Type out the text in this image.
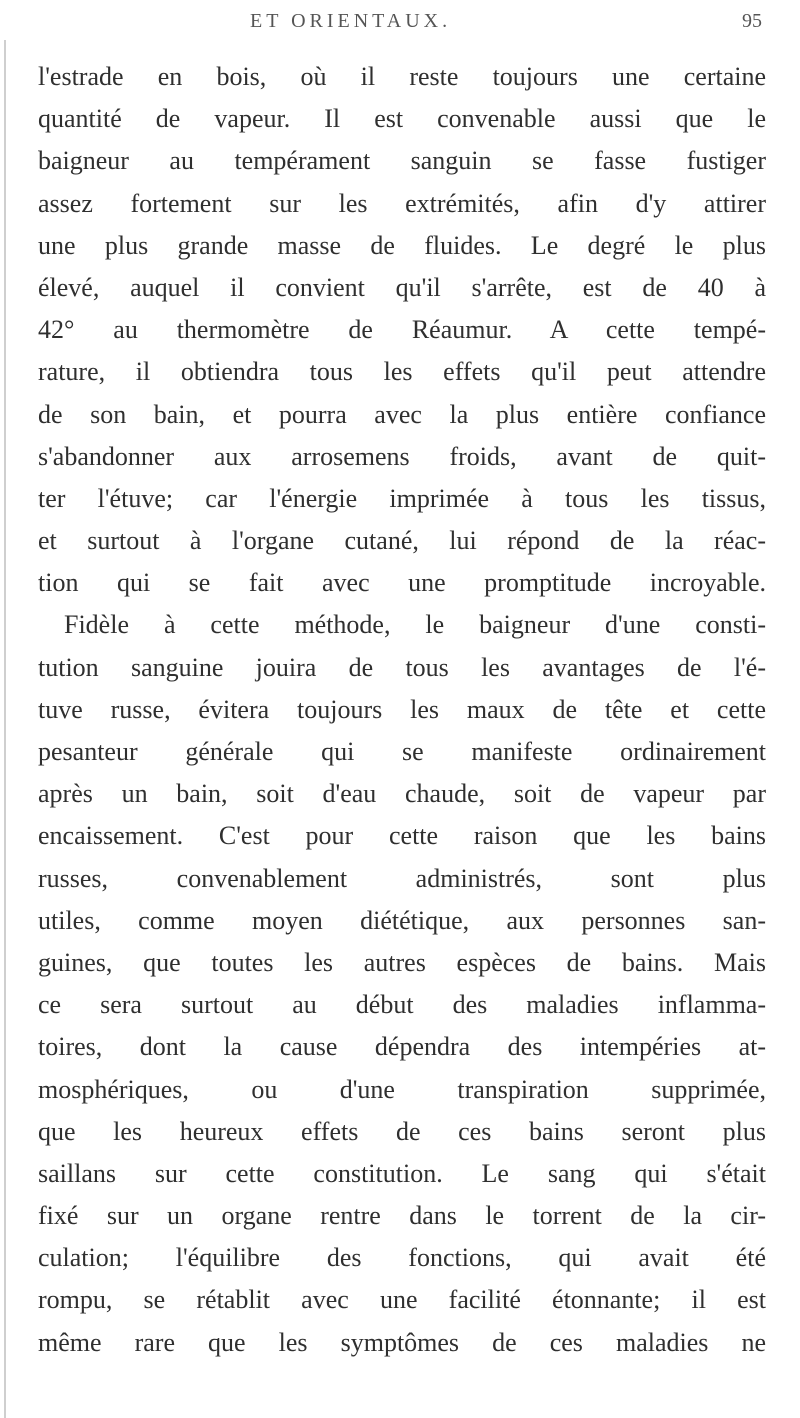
ET ORIENTAUX.	95
l'estrade en bois, où il reste toujours une certaine
quantité de vapeur. Il est convenable aussi que le
baigneur au tempérament sanguin se fasse fustiger
assez fortement sur les extrémités, afin d'y attirer
une plus grande masse de fluides. Le degré le plus
élevé, auquel il convient qu'il s'arrête, est de 40 à
42° au thermomètre de Réaumur. A cette tempé-
rature, il obtiendra tous les effets qu'il peut attendre
de son bain, et pourra avec la plus entière confiance
s'abandonner aux arrosemens froids, avant de quit-
ter l'étuve; car l'énergie imprimée à tous les tissus,
et surtout à l'organe cutané, lui répond de la réac-
tion qui se fait avec une promptitude incroyable.
Fidèle à cette méthode, le baigneur d'une consti-
tution sanguine jouira de tous les avantages de l'é-
tuve russe, évitera toujours les maux de tête et cette
pesanteur générale qui se manifeste ordinairement
après un bain, soit d'eau chaude, soit de vapeur par
encaissement. C'est pour cette raison que les bains
russes, convenablement administrés, sont plus
utiles, comme moyen diététique, aux personnes san-
guines, que toutes les autres espèces de bains. Mais
ce sera surtout au début des maladies inflamma-
toires, dont la cause dépendra des intempéries at-
mosphériques, ou d'une transpiration supprimée,
que les heureux effets de ces bains seront plus
saillans sur cette constitution. Le sang qui s'était
fixé sur un organe rentre dans le torrent de la cir-
culation; l'équilibre des fonctions, qui avait été
rompu, se rétablit avec une facilité étonnante; il est
même rare que les symptômes de ces maladies ne
